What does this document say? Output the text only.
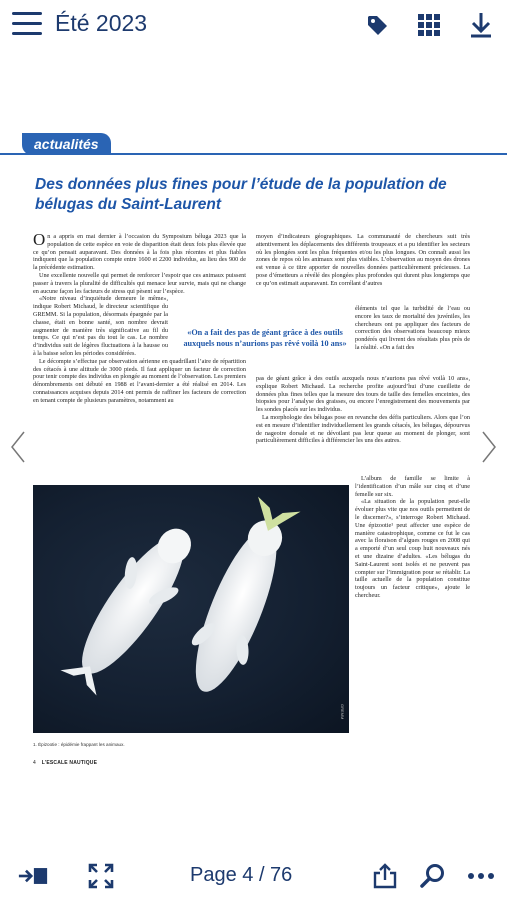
Été 2023
actualités
Des données plus fines pour l’étude de la population de bélugas du Saint-Laurent

On a appris en mai dernier à l’occasion du Symposium béluga 2023 que la population de cette espèce en voie de disparition était deux fois plus élevée que ce qu’on pensait auparavant. Des données à la fois plus récentes et plus fiables indiquent que la population compte entre 1600 et 2200 individus, au lieu des 900 de la précédente estimation.

Une excellente nouvelle qui permet de renforcer l’espoir que ces animaux puissent passer à travers la pluralité de difficultés qui menace leur survie, mais qui ne change en aucune façon les facteurs de stress qui pèsent sur l’espèce.

«Notre niveau d’inquiétude demeure le même», indique Robert Michaud, le directeur scientifique du GREMM. Si la population, désormais épargnée par la chasse, était en bonne santé, son nombre devrait augmenter de manière très significative au fil du temps. Ce qui n’est pas du tout le cas. Le nombre d’individus suit de légères fluctuations à la hausse ou à la baisse selon les périodes considérées.

Le décompte s’effectue par observation aérienne en quadrillant l’aire de répartition des cétacés à une altitude de 3000 pieds. Il faut appliquer un facteur de correction pour tenir compte des individus en plongée au moment de l’observation. Les premiers dénombrements ont débuté en 1988 et l’avant-dernier a été réalisé en 2014. Les connaissances acquises depuis 2014 ont permis de raffiner les facteurs de correction en tenant compte de plusieurs paramètres, notamment au

moyen d’indicateurs géographiques. La communauté de chercheurs suit très attentivement les déplacements des différents troupeaux et a pu identifier les secteurs où les plongées sont les plus fréquentes et/ou les plus longues. On connaît aussi les zones de repos où les animaux sont plus visibles. L’observation au moyen des drones est venue à ce titre apporter de nouvelles données particulièrement précieuses. La pose d’émetteurs a révélé des plongées plus profondes qui durent plus longtemps que ce qu’on estimait auparavant. En corrélant d’autres

éléments tel que la turbidité de l’eau ou encore les taux de mortalité des juvéniles, les chercheurs ont pu appliquer des facteurs de correction des observations beaucoup mieux pondérés qui livrent des résultats plus près de la réalité. «On a fait des

pas de géant grâce à des outils auxquels nous n’aurions pas rêvé voilà 10 ans», explique Robert Michaud. La recherche profite aujourd’hui d’une cueillette de données plus fines telles que la mesure des tours de taille des femelles enceintes, des biopsies pour l’analyse des graisses, ou encore l’enregistrement des mouvements par les sondes placés sur les individus.

La morphologie des bélugas pose en revanche des défis particuliers. Alors que l’on est en mesure d’identifier individuellement les grands cétacés, les bélugas, dépourvus de nageoire dorsale et ne dévoilant pas leur queue au moment de plonger, sont particulièrement difficiles à différencier les uns des autres.

L’album de famille se limite à l’identification d’un mâle sur cinq et d’une femelle sur six.

«La situation de la population peut-elle évoluer plus vite que nos outils permettent de le discerner?», s’interroge Robert Michaud. Une épizootie¹ peut affecter une espèce de manière catastrophique, comme ce fut le cas avec la floraison d’algues rouges en 2008 qui a emporté d’un seul coup huit nouveaux nés et une dizaine d’adultes. «Les bélugas du Saint-Laurent sont isolés et ne peuvent pas compter sur l’immigration pour se rétablir. La taille actuelle de la population constitue toujours un facteur critique», ajoute le chercheur.

«On a fait des pas de géant grâce à des outils auxquels nous n’aurions pas rêvé voilà 10 ans»
GREMM
1. Épizootie : épidémie frappant les animaux.
4 L’ESCALE NAUTIQUE
Page 4 / 76
